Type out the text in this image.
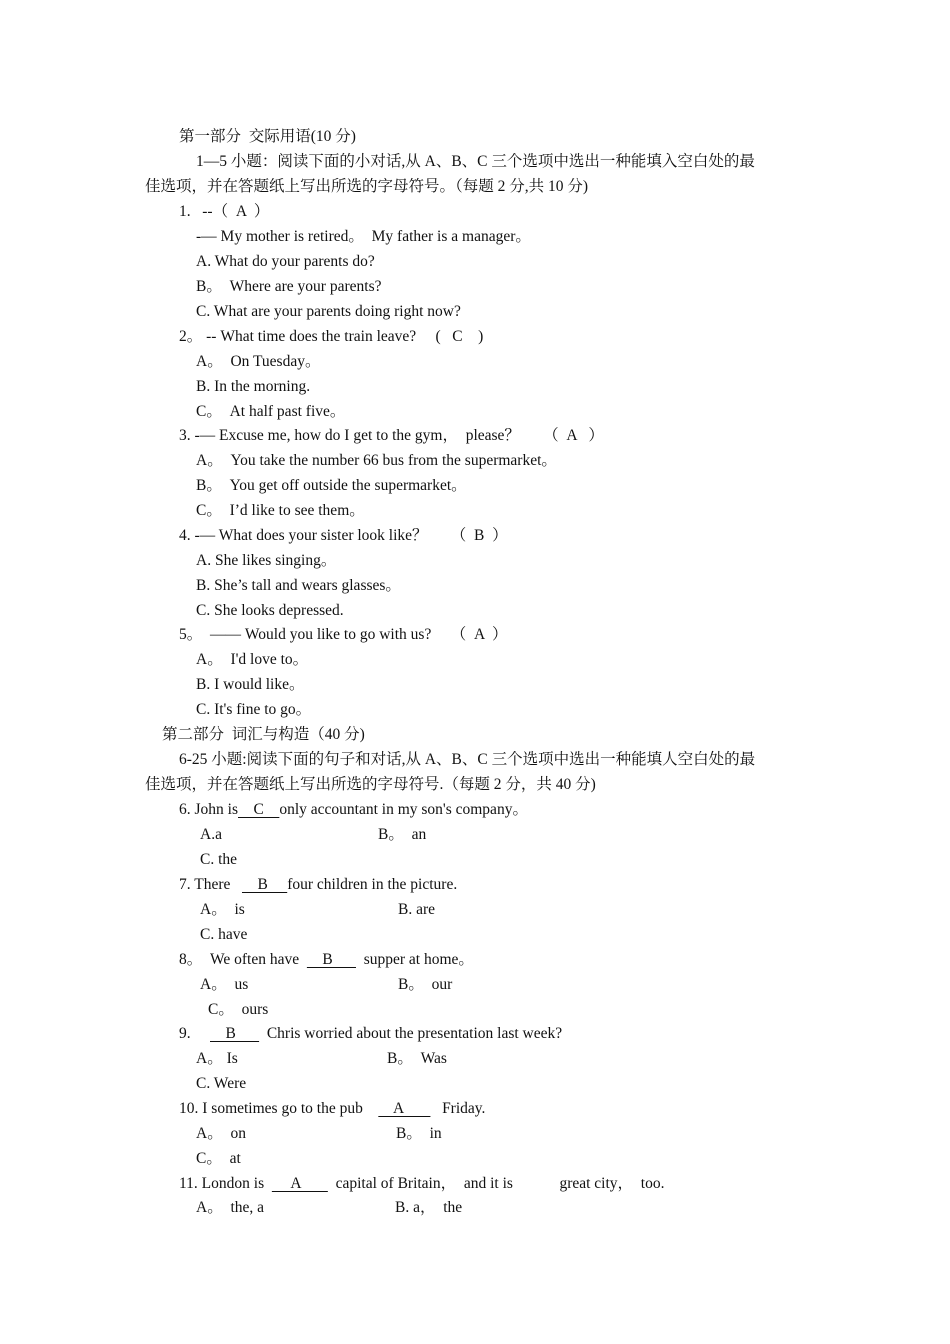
第一部分  交际用语(10 分)
1—5 小题：阅读下面的小对话,从 A、B、C 三个选项中选出一种能填入空白处的最
佳选项，并在答题纸上写出所选的字母符号。（每题 2 分,共 10 分)
1.   --（  A  ）
-— My mother is retired。  My father is a manager。
A. What do your parents do?
B。  Where are your parents?
C. What are your parents doing right now?
2。 -- What time does the train leave?     (   C    )
A。  On Tuesday。
B. In the morning.
C。  At half past five。
3. -— Excuse me, how do I get to the gym，  please？      （  A   ）
A。  You take the number 66 bus from the supermarket。
B。  You get off outside the supermarket。
C。  I’d like to see them。
4. -— What does your sister look like？      （  B  ）
A. She likes singing。
B. She’s tall and wears glasses。
C. She looks depressed.
5。  —— Would you like to go with us?     （  A  ）
A。  I'd love to。
B. I would like。
C. It's fine to go。
第二部分  词汇与构造（40 分)
6-25 小题:阅读下面的句子和对话,从 A、B、C 三个选项中选出一种能填人空白处的最
佳选项，并在答题纸上写出所选的字母符号.（每题 2 分，共 40 分)
6. John is    C    only accountant in my son's company。
A.a	B。  an
C. the
7. There       B     four children in the picture.
A。  is	B. are
C. have
8。  We often have      B        supper at home。
A。  us	B。  our
C。  ours
9.         B        Chris worried about the presentation last week?
A。 Is	B。  Was
C. Were
10. I sometimes go to the pub        A          Friday.
A。  on	B。  in
C。  at
11. London is       A         capital of Britain，  and it is            great city，  too.
A。  the, a	B. a，  the
